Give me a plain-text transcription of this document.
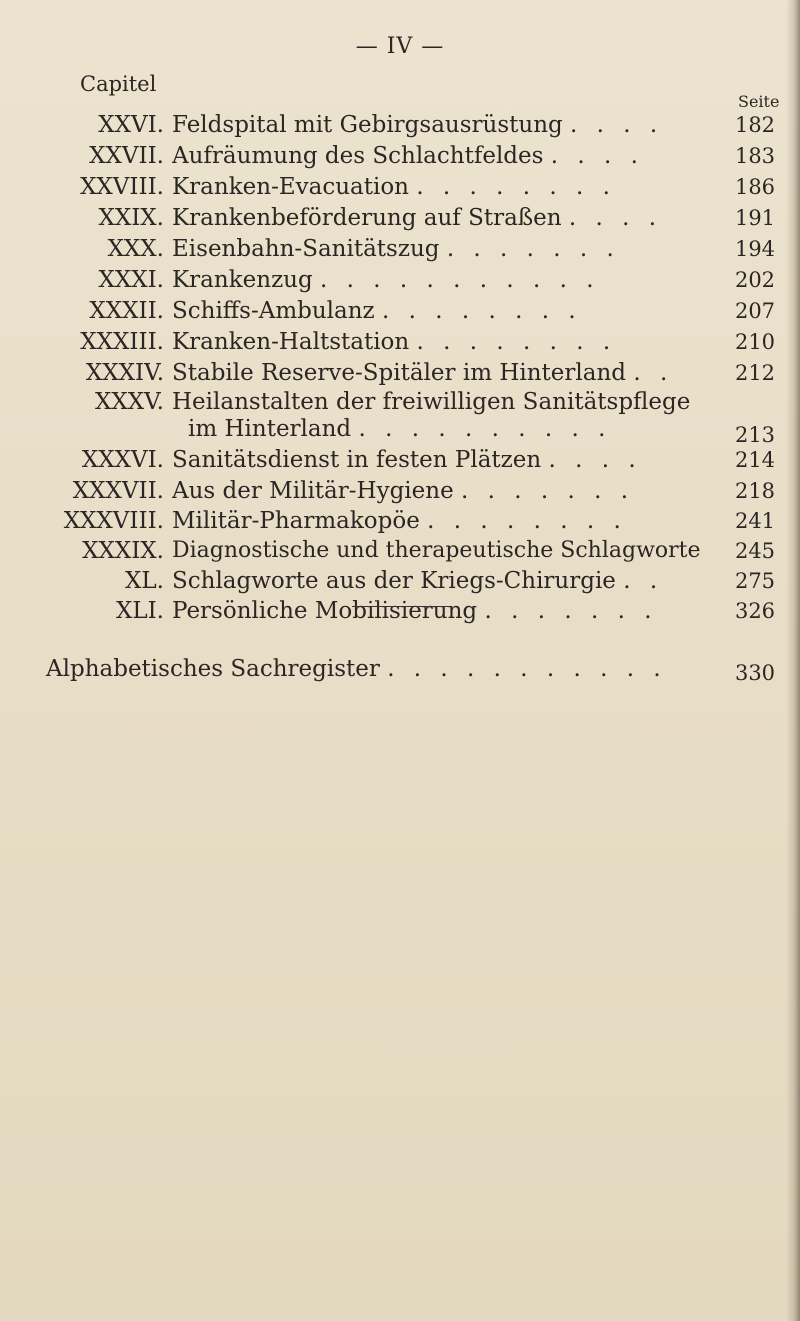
— IV —
Capitel
Seite
XXVI. Feldspital mit Gebirgsausrüstung . . . .	182
XXVII. Aufräumung des Schlachtfeldes . . . .	183
XXVIII. Kranken-Evacuation . . . . . . . .	186
XXIX. Krankenbeförderung auf Straßen . . . .	191
XXX. Eisenbahn-Sanitätszug . . . . . . .	194
XXXI. Krankenzug . . . . . . . . . . .	202
XXXII. Schiffs-Ambulanz . . . . . . . .	207
XXXIII. Kranken-Haltstation . . . . . . . .	210
XXXIV. Stabile Reserve-Spitäler im Hinterland . .	212
XXXV. Heilanstalten der freiwilligen Sanitätspflege
im Hinterland . . . . . . . . . .	213
XXXVI. Sanitätsdienst in festen Plätzen . . . .	214
XXXVII. Aus der Militär-Hygiene . . . . . . .	218
XXXVIII. Militär-Pharmakopöe . . . . . . . .	241
XXXIX. Diagnostische und therapeutische Schlagworte	245
XL. Schlagworte aus der Kriegs-Chirurgie . .	275
XLI. Persönliche Mobilisierung . . . . . . .	326
Alphabetisches Sachregister . . . . . . . . . . .	330
